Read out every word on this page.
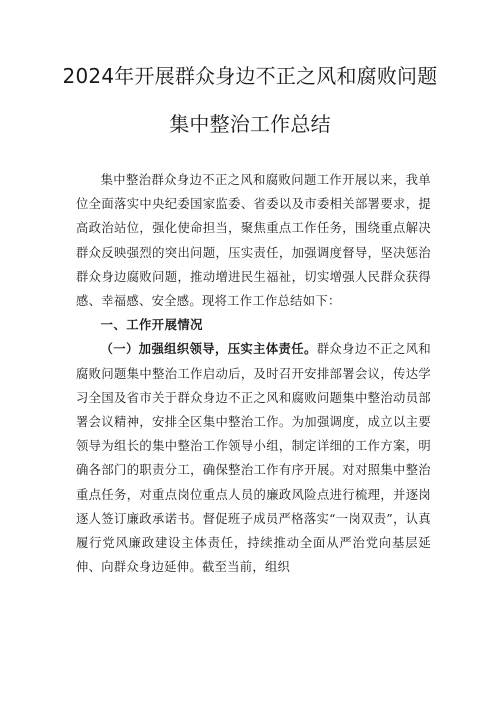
2024年开展群众身边不正之风和腐败问题
集中整治工作总结

集中整治群众身边不正之风和腐败问题工作开展以来，我单位全面落实中央纪委国家监委、省委以及市委相关部署要求，提高政治站位，强化使命担当，聚焦重点工作任务，围绕重点解决群众反映强烈的突出问题，压实责任，加强调度督导，坚决惩治群众身边腐败问题，推动增进民生福祉，切实增强人民群众获得感、幸福感、安全感。现将工作工作总结如下：

一、工作开展情况

（一）加强组织领导，压实主体责任。群众身边不正之风和腐败问题集中整治工作启动后，及时召开安排部署会议，传达学习全国及省市关于群众身边不正之风和腐败问题集中整治动员部署会议精神，安排全区集中整治工作。为加强调度，成立以主要领导为组长的集中整治工作领导小组，制定详细的工作方案，明确各部门的职责分工，确保整治工作有序开展。对对照集中整治重点任务，对重点岗位重点人员的廉政风险点进行梳理，并逐岗逐人签订廉政承诺书。督促班子成员严格落实“一岗双责”，认真履行党风廉政建设主体责任，持续推动全面从严治党向基层延伸、向群众身边延伸。截至当前，组织
